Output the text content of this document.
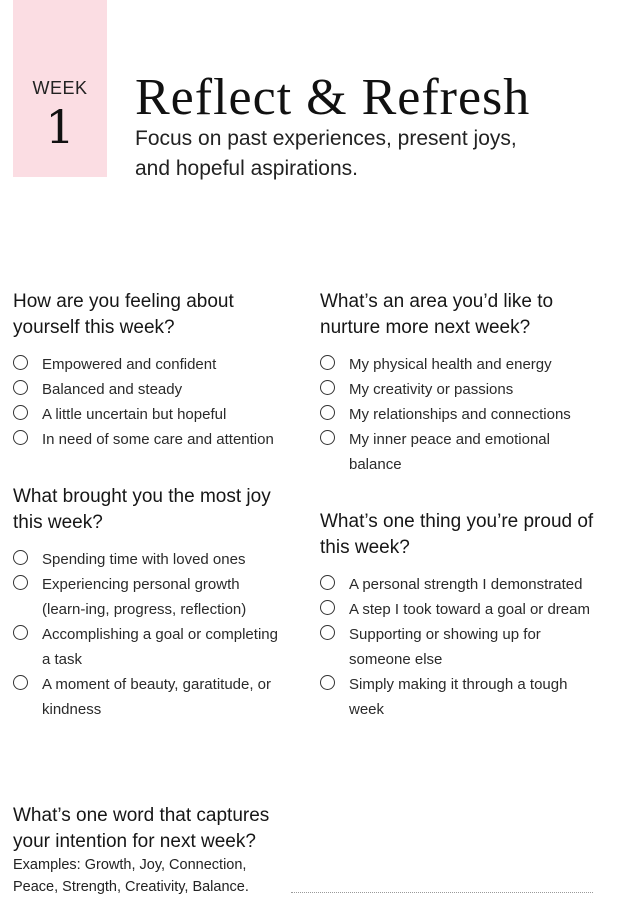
WEEK
1
Reflect & Refresh

Focus on past experiences, present joys, and hopeful aspirations.

How are you feeling about yourself this week?
Empowered and confident
Balanced and steady
A little uncertain but hopeful
In need of some care and attention
What’s an area you’d like to nurture more next week?
My physical health and energy
My creativity or passions
My relationships and connections
My inner peace and emotional balance
What brought you the most joy this week?
Spending time with loved ones
Experiencing personal growth (learn-ing, progress, reflection)
Accomplishing a goal or completing a task
A moment of beauty, garatitude, or kindness
What’s one thing you’re proud of this week?
A personal strength I demonstrated
A step I took toward a goal or dream
Supporting or showing up for someone else
Simply making it through a tough week
What’s one word that captures your intention for next week?

Examples: Growth, Joy, Connection, Peace, Strength, Creativity, Balance.
